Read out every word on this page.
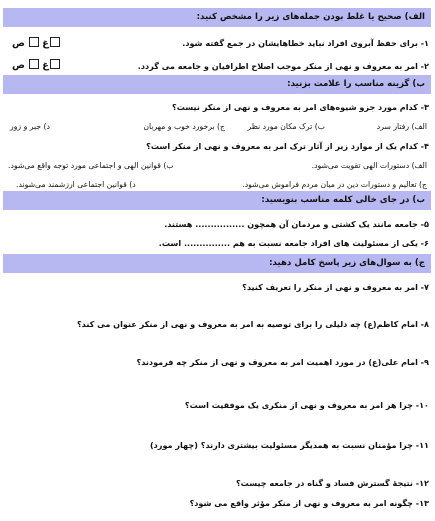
الف) صحیح یا غلط بودن جمله‌های زیر را مشخص کنید:
۱- برای حفظ آبروی افراد نباید خطاهایشان در جمع گفته شود.
غ ص
۲- امر به معروف و نهی از منکر موجب اصلاح اطرافیان و جامعه می گردد.
غ ص
ب) گزینه مناسب را علامت بزنید:
۳- کدام مورد جزو شیوه‌های امر به معروف و نهی از منکر نیست؟
الف) رفتار سرد
ب) ترک مکان مورد نظر
ج) برخورد خوب و مهربان
د) جبر و زور
۴- کدام یک از موارد زیر از آثار ترک امر به معروف و نهی از منکر است؟
الف) دستورات الهی تقویت می‌شود.
ب) قوانین الهی و اجتماعی مورد توجه واقع می‌شود.
ج) تعالیم و دستورات دین در میان مردم فراموش می‌شود.
د) قوانین اجتماعی ارزشمند می‌شوند.
ب) در جای خالی کلمه مناسب بنویسید:
۵- جامعه مانند یک کشتی و مردمان آن همچون ................ هستند.
۶- یکی از مسئولیت های افراد جامعه نسبت به هم ............... است.
ج) به سوال‌های زیر پاسخ کامل دهید:
۷- امر به معروف و نهی از منکر را تعریف کنید؟
۸- امام کاظم(ع) چه دلیلی را برای توصیه به امر به معروف و نهی از منکر عنوان می کند؟
۹- امام علی(ع) در مورد اهمیت امر به معروف و نهی از منکر چه فرمودند؟
۱۰- چرا هر امر به معروف و نهی از منکری یک موفقیت است؟
۱۱- چرا مؤمنان نسبت به همدیگر مسئولیت بیشتری دارند؟ (چهار مورد)
۱۲- نتیجهٔ گسترش فساد و گناه در جامعه چیست؟
۱۳- چگونه امر به معروف و نهی از منکر مؤثر واقع می شود؟
